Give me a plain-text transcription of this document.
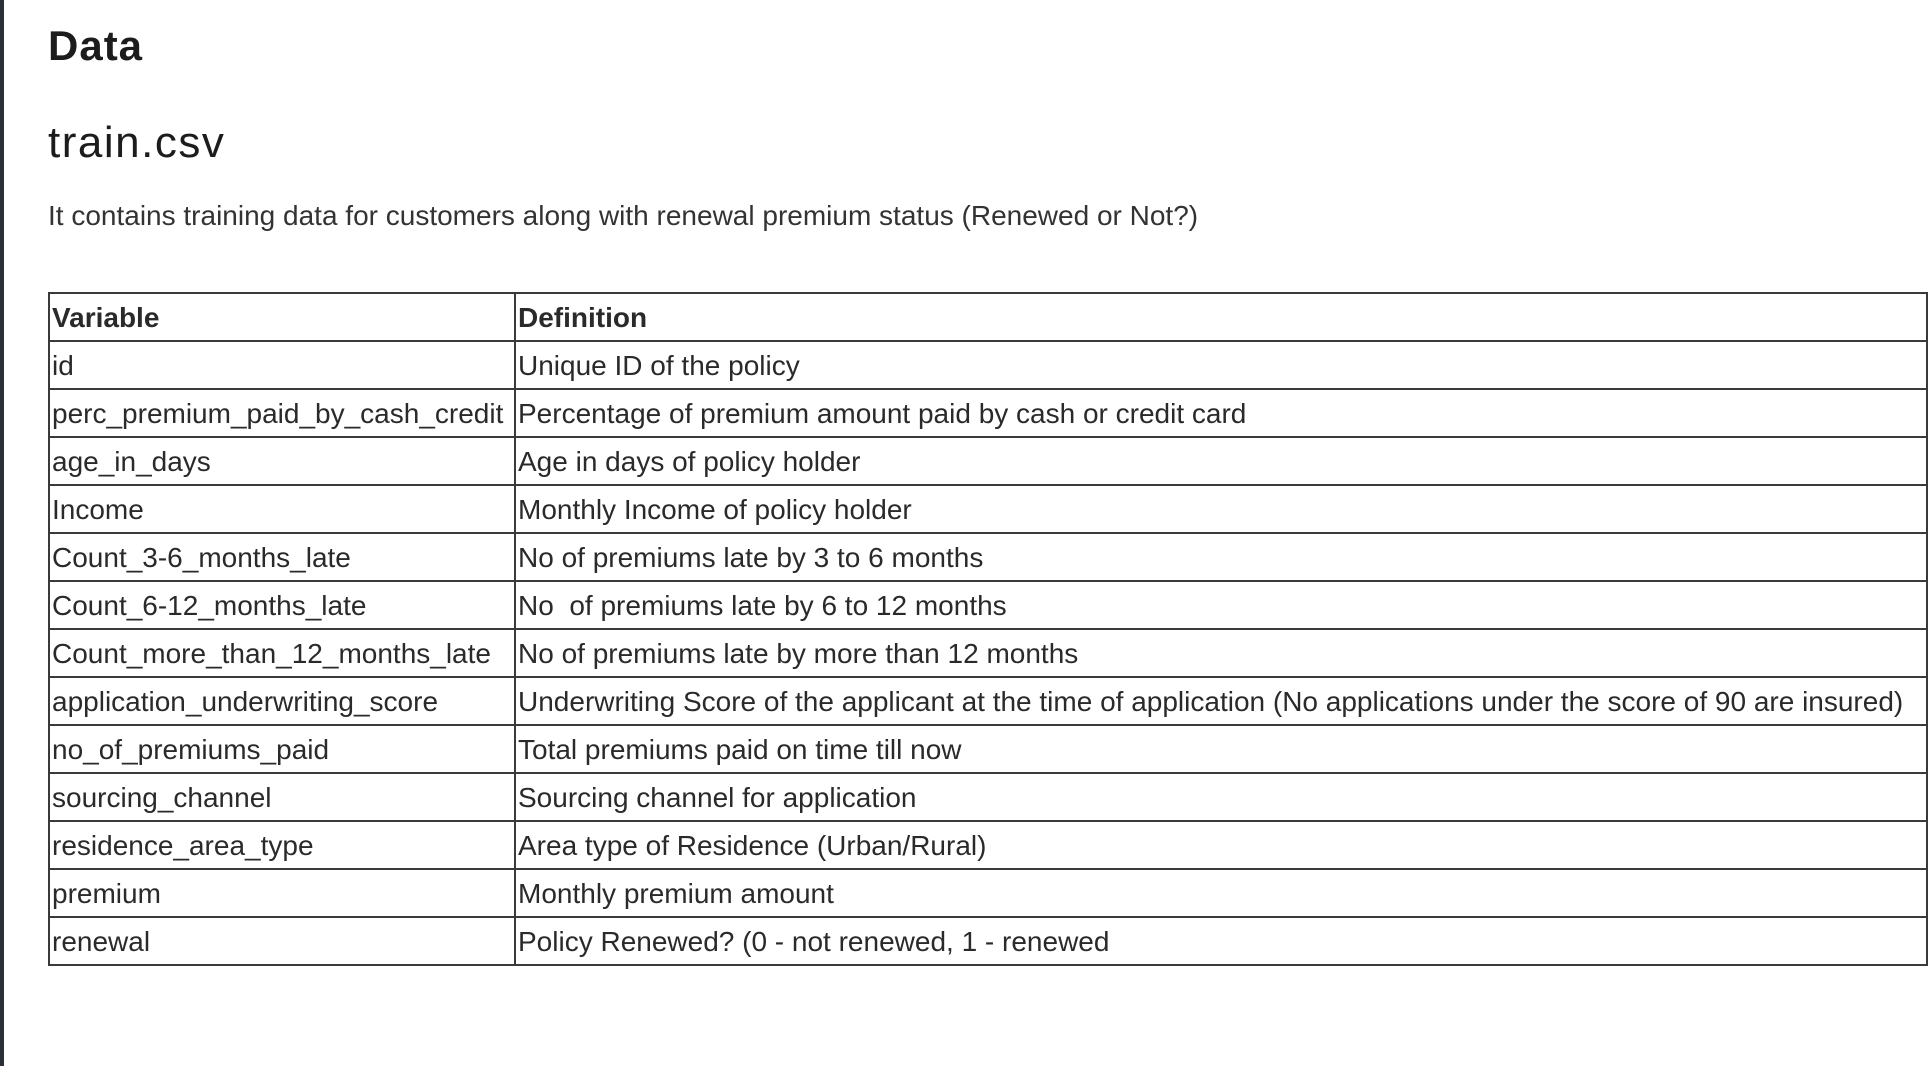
Data
train.csv

It contains training data for customers along with renewal premium status (Renewed or Not?)

Variable	Definition
id	Unique ID of the policy
perc_premium_paid_by_cash_credit	Percentage of premium amount paid by cash or credit card
age_in_days	Age in days of policy holder
Income	Monthly Income of policy holder
Count_3-6_months_late	No of premiums late by 3 to 6 months
Count_6-12_months_late	No  of premiums late by 6 to 12 months
Count_more_than_12_months_late	No of premiums late by more than 12 months
application_underwriting_score	Underwriting Score of the applicant at the time of application (No applications under the score of 90 are insured)
no_of_premiums_paid	Total premiums paid on time till now
sourcing_channel	Sourcing channel for application
residence_area_type	Area type of Residence (Urban/Rural)
premium	Monthly premium amount
renewal	Policy Renewed? (0 - not renewed, 1 - renewed
